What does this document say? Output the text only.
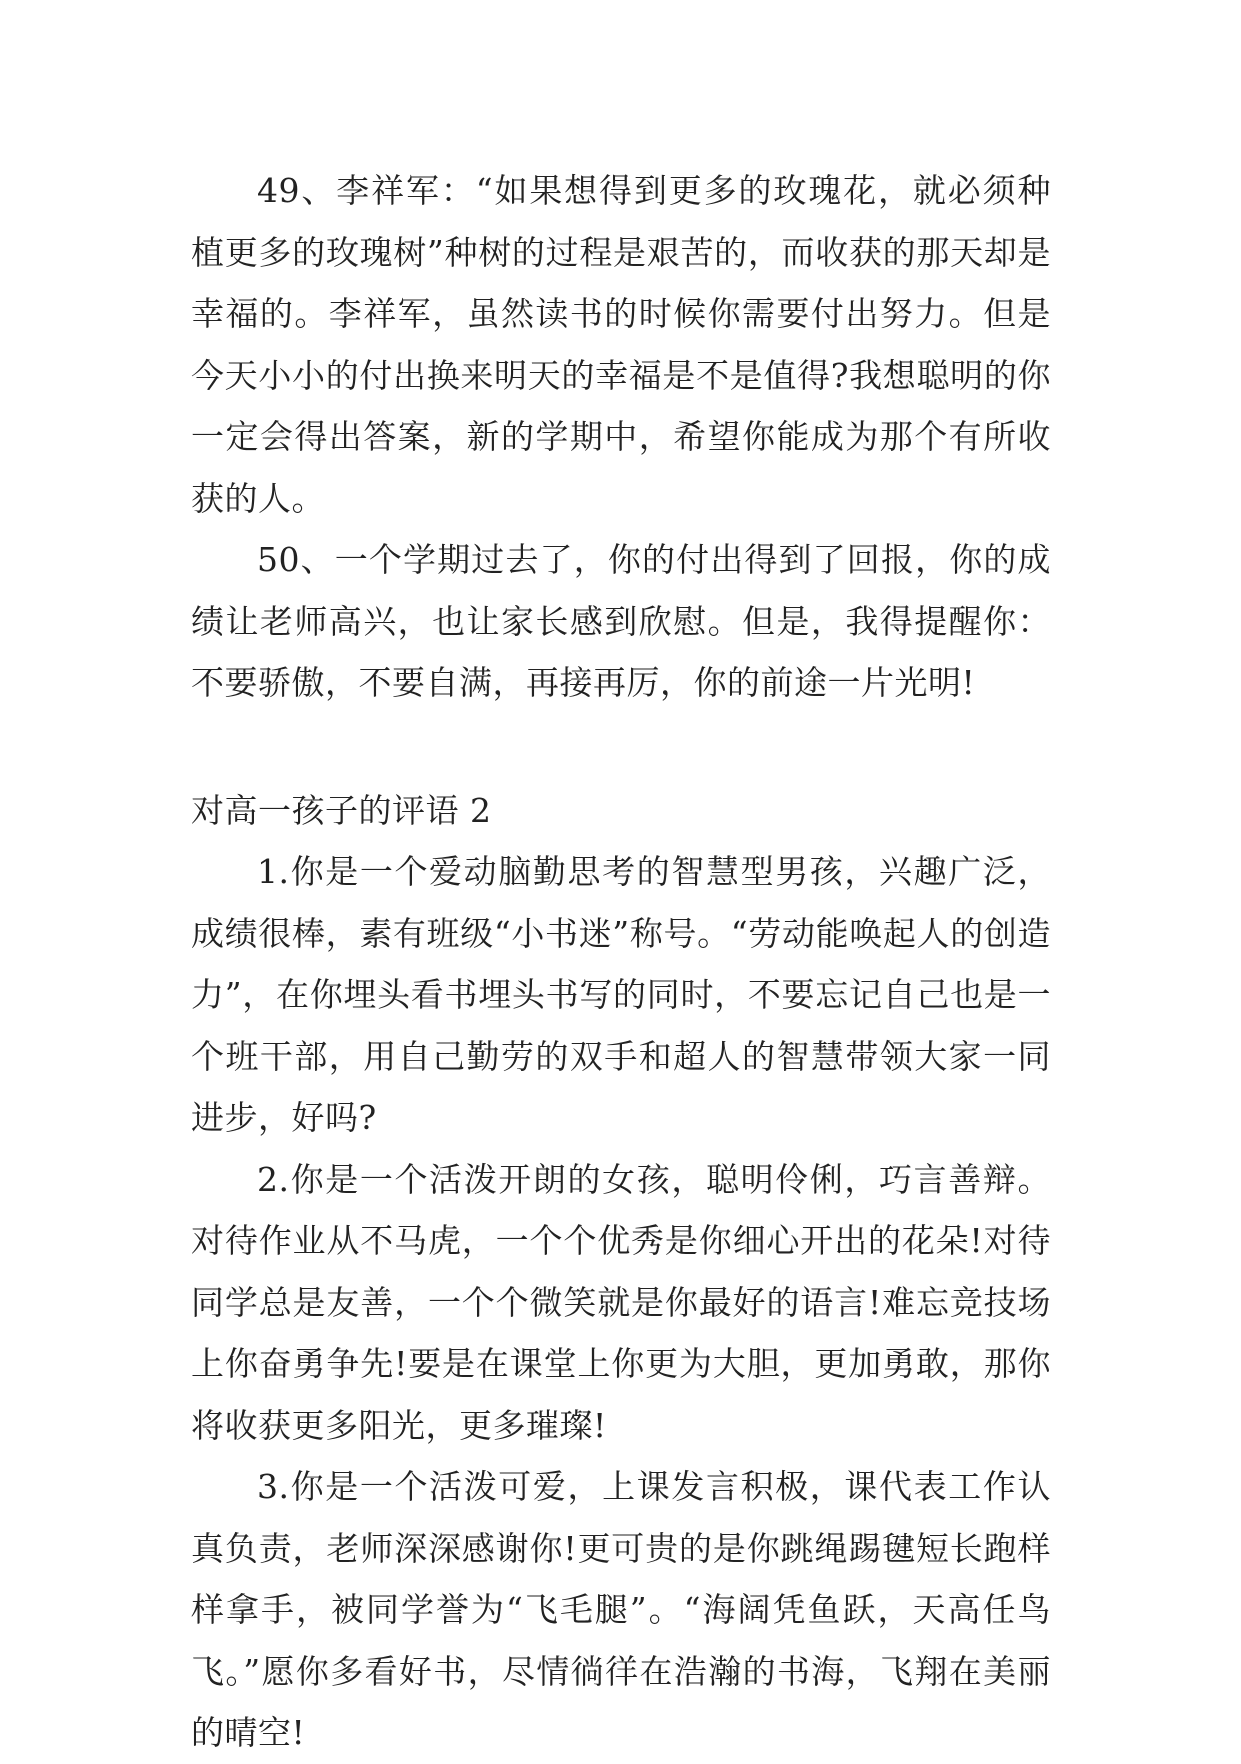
49、李祥军：“如果想得到更多的玫瑰花，就必须种植更多的玫瑰树”种树的过程是艰苦的，而收获的那天却是幸福的。李祥军，虽然读书的时候你需要付出努力。但是今天小小的付出换来明天的幸福是不是值得?我想聪明的你一定会得出答案，新的学期中，希望你能成为那个有所收获的人。

50、一个学期过去了，你的付出得到了回报，你的成绩让老师高兴，也让家长感到欣慰。但是，我得提醒你：不要骄傲，不要自满，再接再厉，你的前途一片光明!

对高一孩子的评语 2

1.你是一个爱动脑勤思考的智慧型男孩，兴趣广泛，成绩很棒，素有班级“小书迷”称号。“劳动能唤起人的创造力”，在你埋头看书埋头书写的同时，不要忘记自己也是一个班干部，用自己勤劳的双手和超人的智慧带领大家一同进步，好吗?

2.你是一个活泼开朗的女孩，聪明伶俐，巧言善辩。对待作业从不马虎，一个个优秀是你细心开出的花朵!对待同学总是友善，一个个微笑就是你最好的语言!难忘竞技场上你奋勇争先!要是在课堂上你更为大胆，更加勇敢，那你将收获更多阳光，更多璀璨!

3.你是一个活泼可爱，上课发言积极，课代表工作认真负责，老师深深感谢你!更可贵的是你跳绳踢毽短长跑样样拿手，被同学誉为“飞毛腿”。“海阔凭鱼跃，天高任鸟飞。”愿你多看好书，尽情徜徉在浩瀚的书海，飞翔在美丽的晴空!
